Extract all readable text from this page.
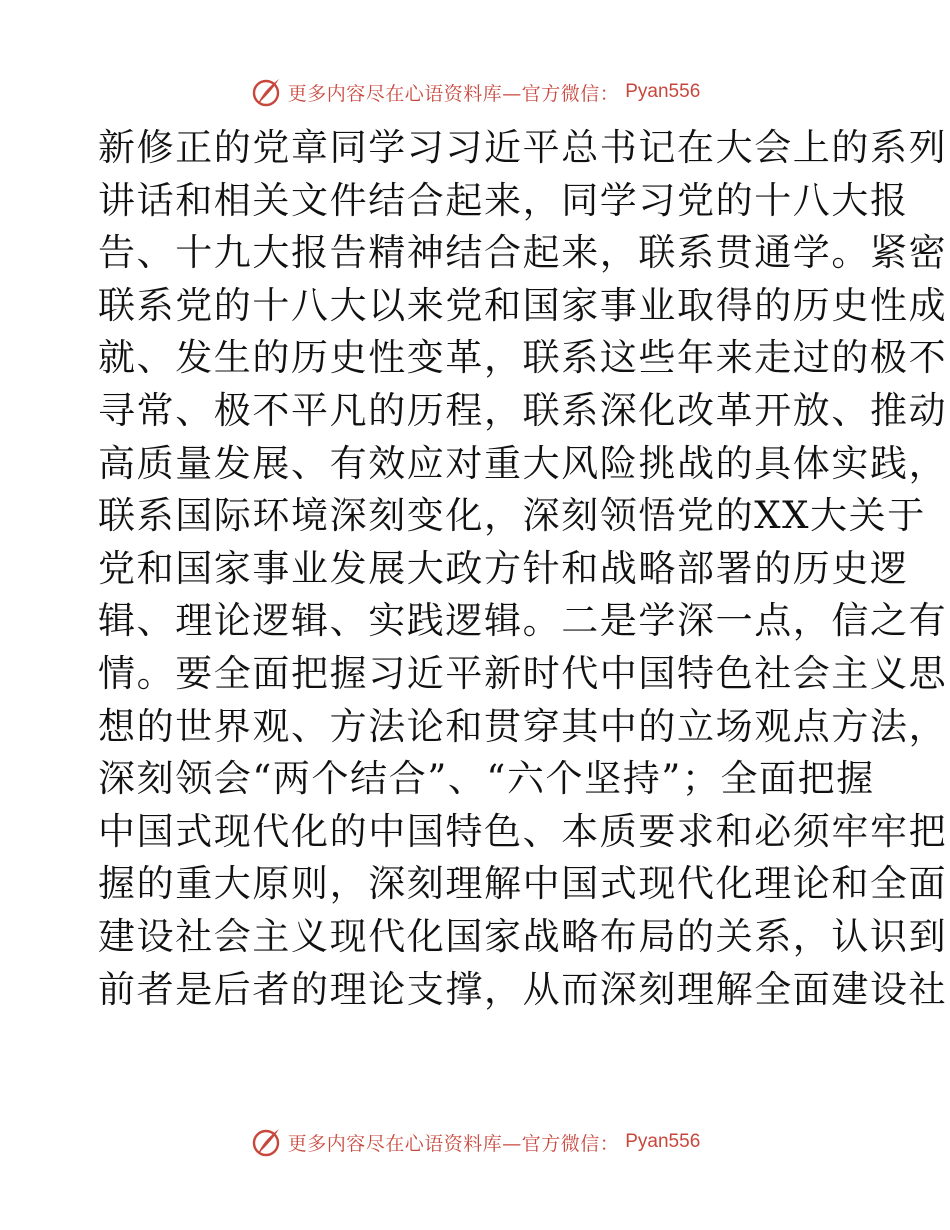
更多内容尽在心语资料库—官方微信： Pyan556
新修正的党章同学习习近平总书记在大会上的系列
讲话和相关文件结合起来，同学习党的十八大报
告、十九大报告精神结合起来，联系贯通学。紧密
联系党的十八大以来党和国家事业取得的历史性成
就、发生的历史性变革，联系这些年来走过的极不
寻常、极不平凡的历程，联系深化改革开放、推动
高质量发展、有效应对重大风险挑战的具体实践，
联系国际环境深刻变化，深刻领悟党的XX大关于
党和国家事业发展大政方针和战略部署的历史逻
辑、理论逻辑、实践逻辑。二是学深一点，信之有
情。要全面把握习近平新时代中国特色社会主义思
想的世界观、方法论和贯穿其中的立场观点方法，
深刻领会“两个结合”、“六个坚持”；全面把握
中国式现代化的中国特色、本质要求和必须牢牢把
握的重大原则，深刻理解中国式现代化理论和全面
建设社会主义现代化国家战略布局的关系，认识到
前者是后者的理论支撑，从而深刻理解全面建设社
更多内容尽在心语资料库—官方微信： Pyan556
